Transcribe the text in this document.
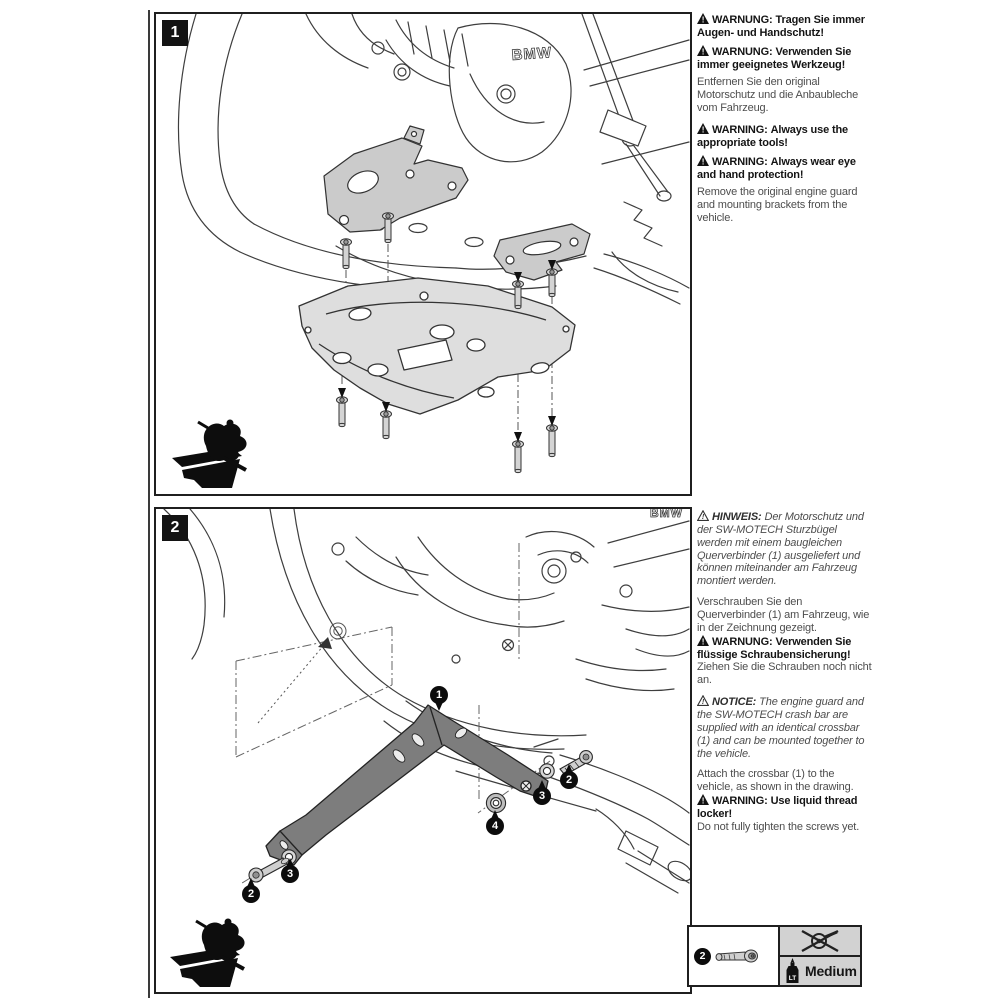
BMW
1
BMW
2
1
2
3
4
3
2

! WARNUNG: Tragen Sie immer Augen- und Handschutz!

! WARNUNG: Verwenden Sie immer geeignetes Werkzeug!

Entfernen Sie den original Motorschutz und die Anbaubleche vom Fahrzeug.

! WARNING: Always use the appropriate tools!

! WARNING: Always wear eye and hand protection!

Remove the original engine guard and mounting brackets from the vehicle.

! HINWEIS: Der Motorschutz und der SW-MOTECH Sturzbügel werden mit einem baugleichen Querverbinder (1) ausgeliefert und können miteinander am Fahrzeug montiert werden.

Verschrauben Sie den Querverbinder (1) am Fahrzeug, wie in der Zeichnung gezeigt.

! WARNUNG: Verwenden Sie flüssige Schraubensicherung!

Ziehen Sie die Schrauben noch nicht an.

! NOTICE: The engine guard and the SW-MOTECH crash bar are supplied with an identical crossbar (1) and can be mounted together to the vehicle.

Attach the crossbar (1) to the vehicle, as shown in the drawing.

! WARNING: Use liquid thread locker!

Do not fully tighten the screws yet.

2
LT Medium
